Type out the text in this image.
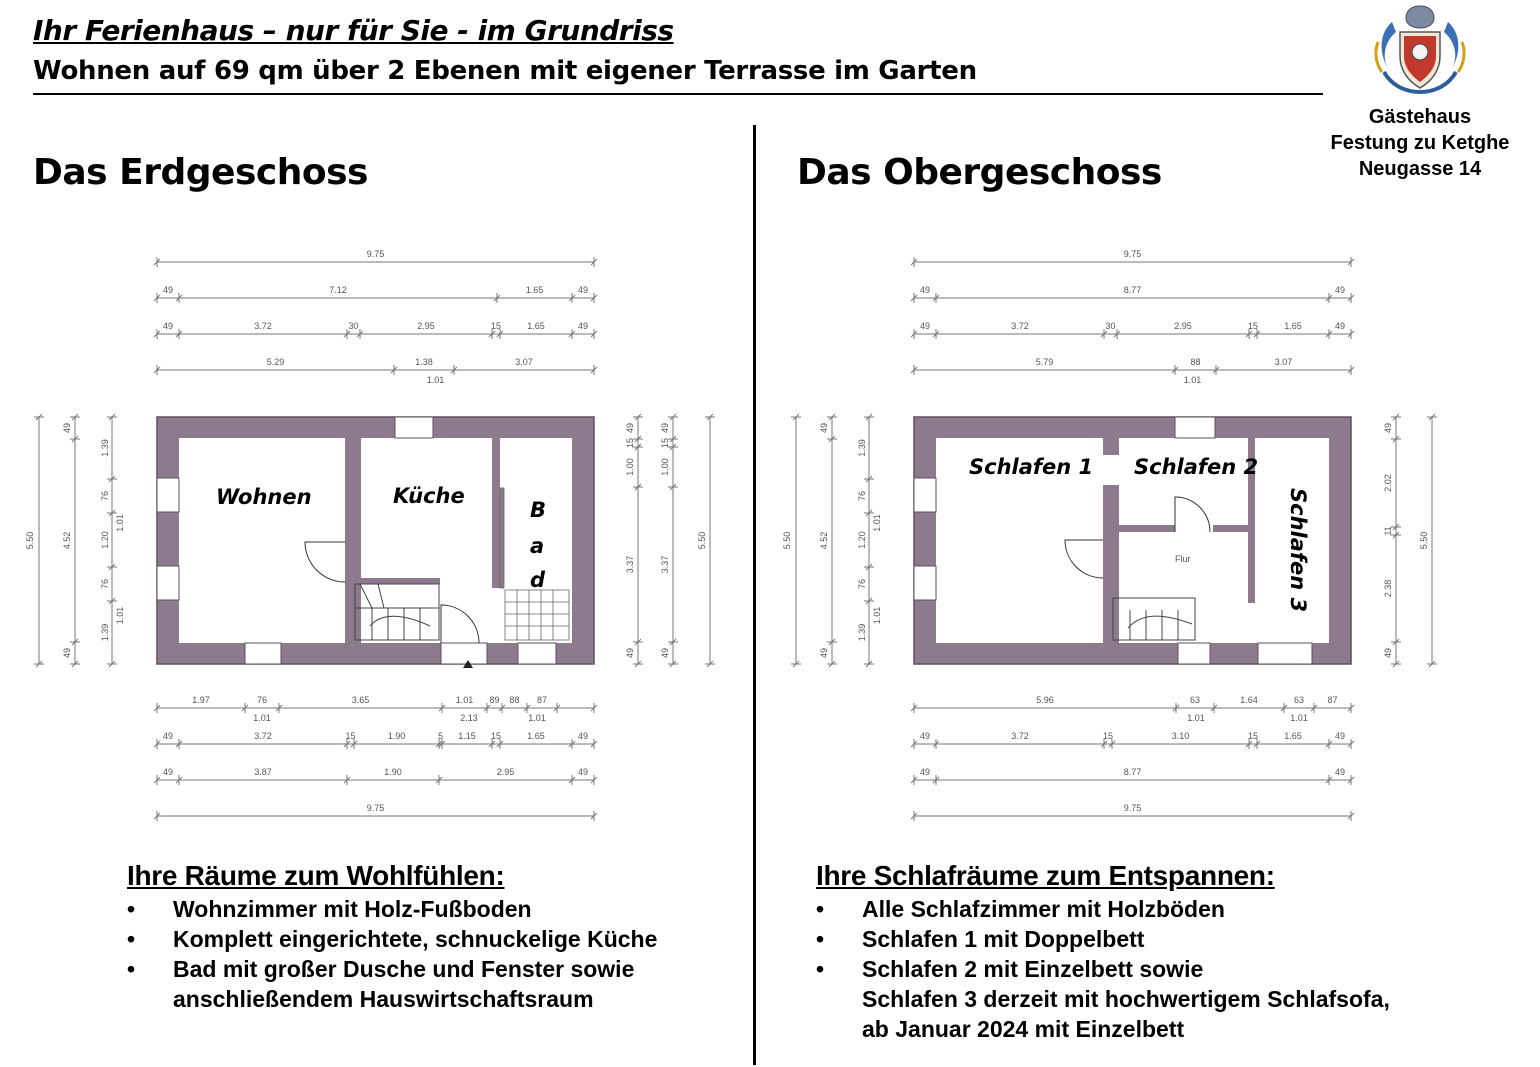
Ihr Ferienhaus – nur für Sie - im Grundriss
Wohnen auf 69 qm über 2 Ebenen mit eigener Terrasse im Garten
Gästehaus
Festung zu Ketghe
Neugasse 14
Das Erdgeschoss	Das Obergeschoss
9.75
49	7.12	1.65	49
49	3.72	30	2.95	15	1.65	49
5.29	1.38	3.07
1.01
5.50
49
4.52
49
1.39
76
1.20
76
1.39
1.01
1.01
49
15
1.00
3.37
49
49
15
1.00
3.37
49
5.50
1.97	76	3.65	1.01 89 88 87
1.01	2.13	1.01
49	3.72	15	1.90	5 1.15 15	1.65	49
49	3.87	1.90	2.95	49
9.75
9.75
49	8.77	49
49	3.72	30	2.95	15	1.65	49
5.79	88	3.07
1.01
5.50
49
4.52
49
1.39
76
1.20
76
1.39
1.01
1.01
49
2.02
11
2.38
49
5.50
5.96	63	1.64	63	87
1.01	1.01
49	3.72	15	3.10	15	1.65	49
49	8.77	49
9.75
Wohnen	Küche
B
a
d
Flur
Schlafen 1 Schlafen 2
Schlafen 3
Ihre Räume zum Wohlfühlen:
• Wohnzimmer mit Holz-Fußboden
• Komplett eingerichtete, schnuckelige Küche
• Bad mit großer Dusche und Fenster sowie
anschließendem Hauswirtschaftsraum
Ihre Schlafräume zum Entspannen:
• Alle Schlafzimmer mit Holzböden
• Schlafen 1 mit Doppelbett
• Schlafen 2 mit Einzelbett sowie
Schlafen 3 derzeit mit hochwertigem Schlafsofa,
ab Januar 2024 mit Einzelbett
